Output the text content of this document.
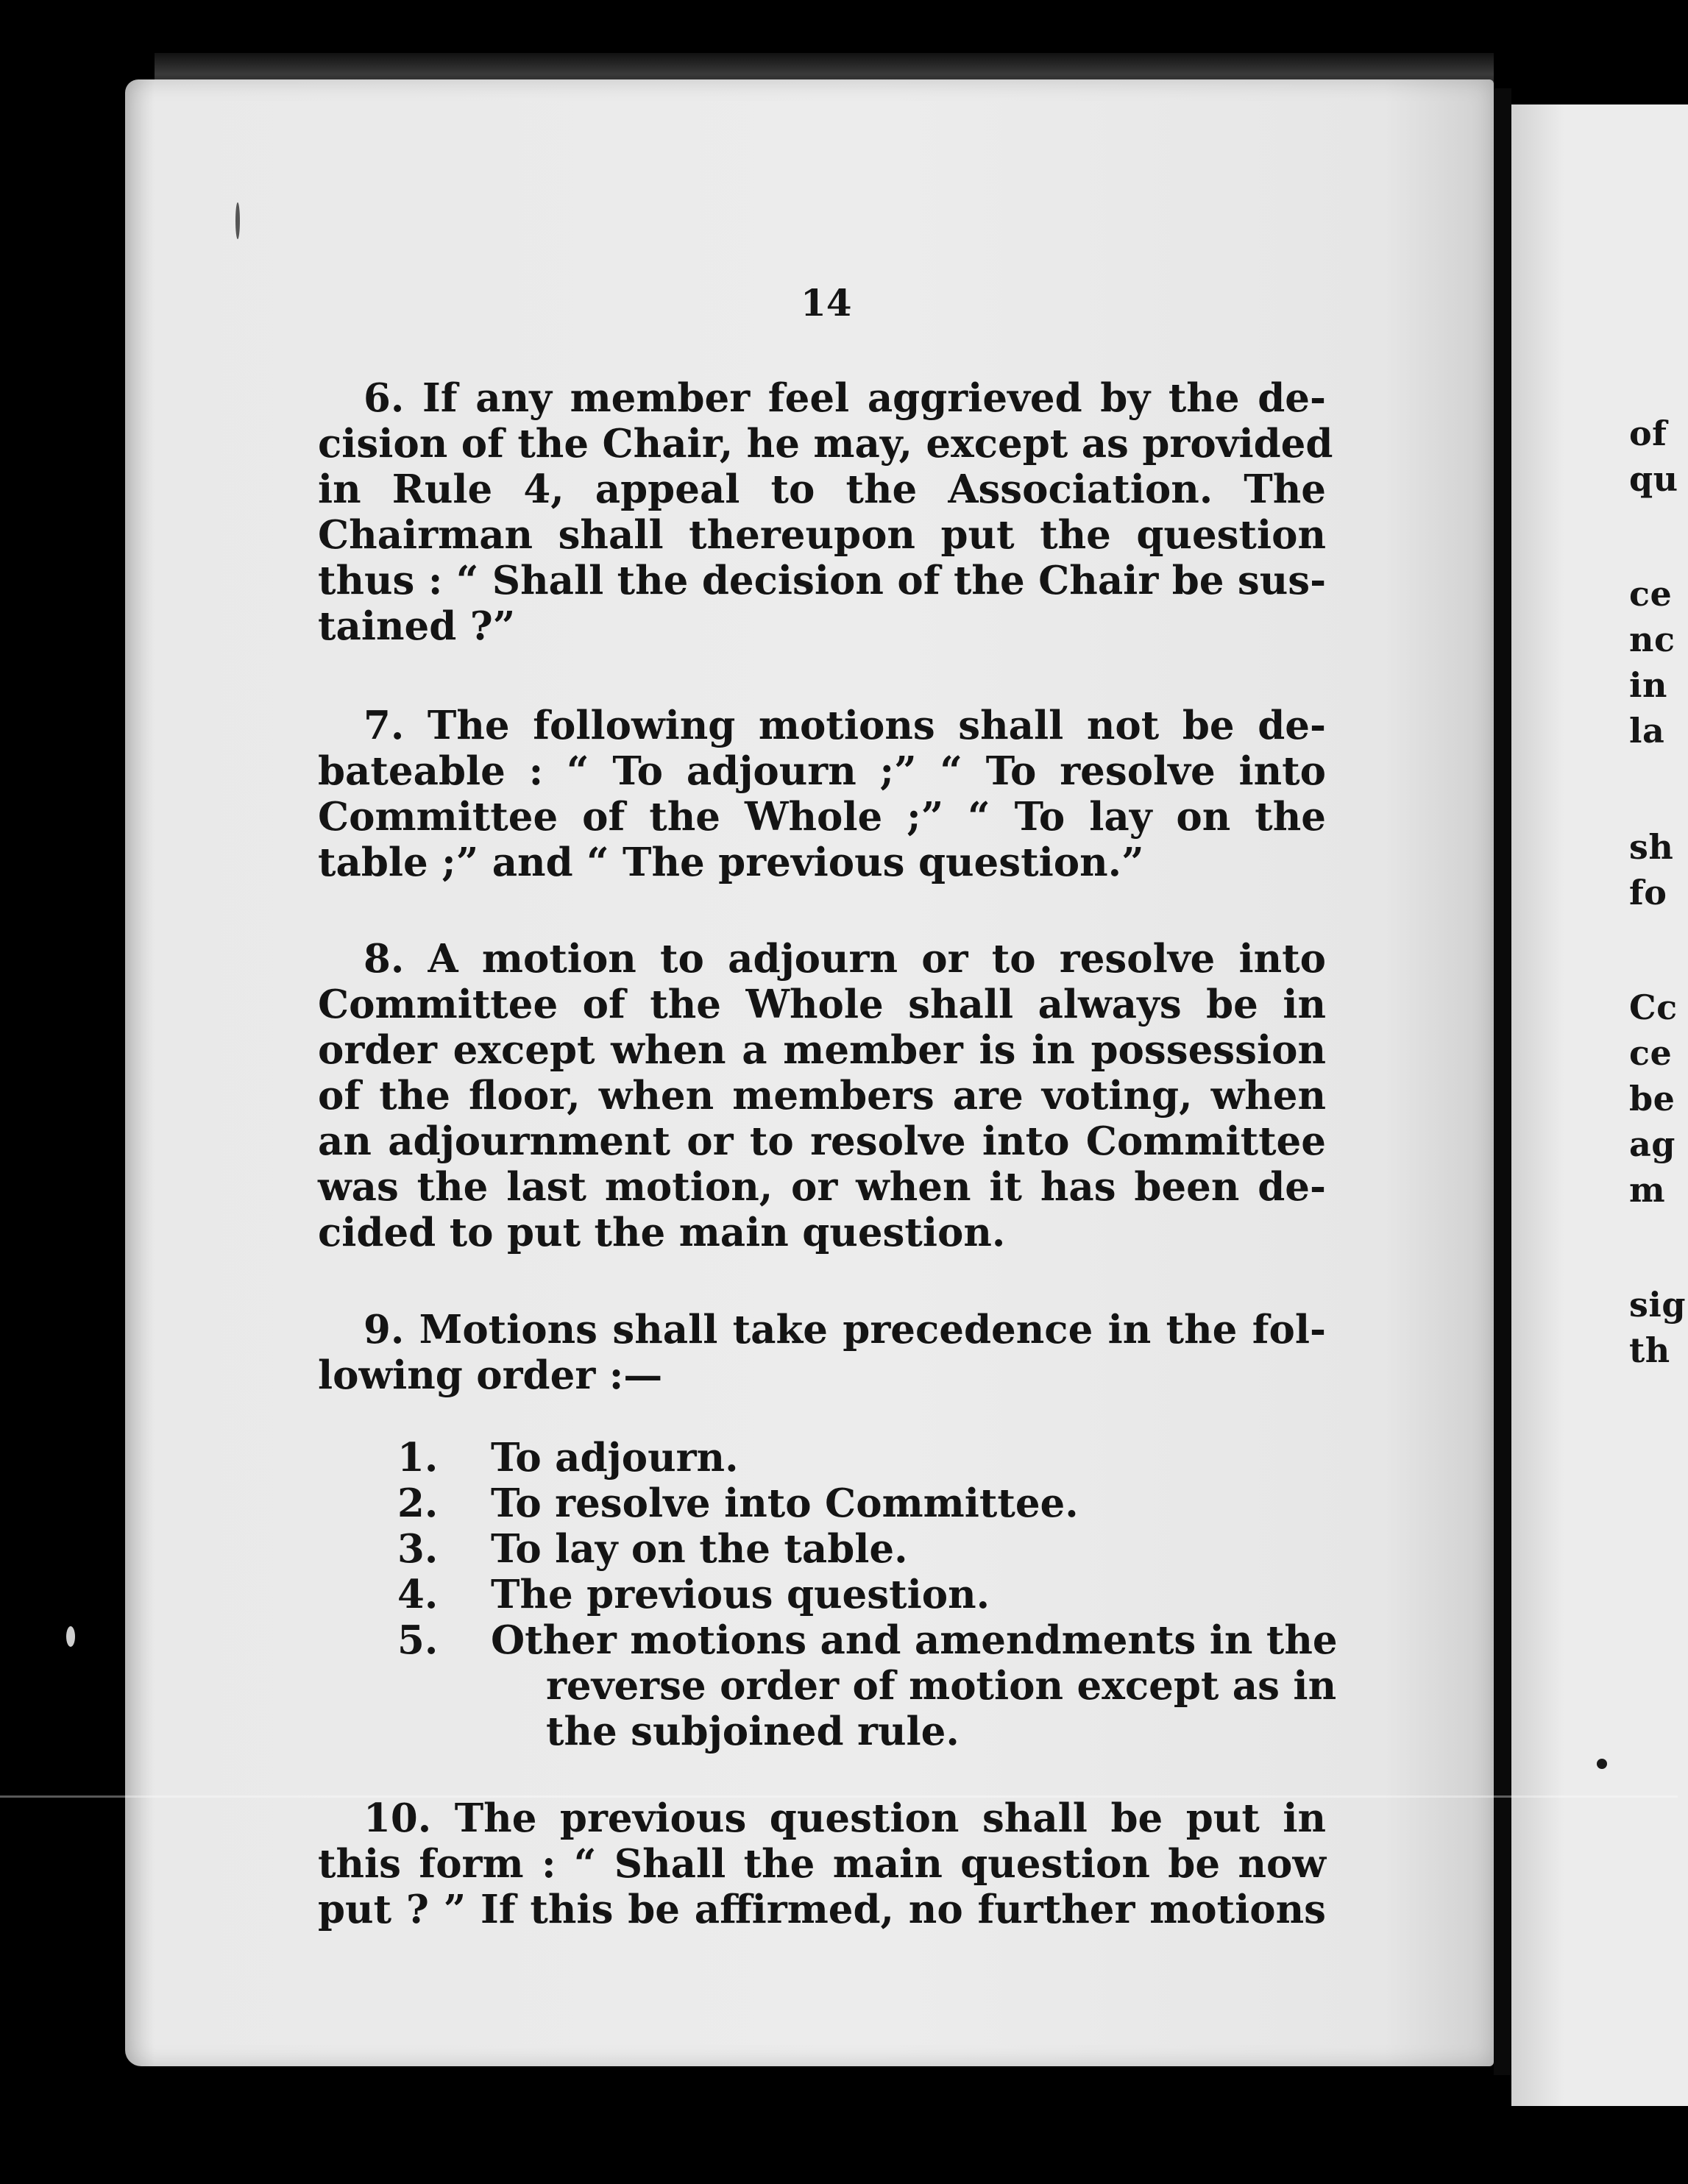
of
qu
ce
nc
in
la
sh
fo
Cc
ce
be
ag
m
sig
th
14
6. If any member feel aggrieved by the de-
cision of the Chair, he may, except as provided
in Rule 4, appeal to the Association. The
Chairman shall thereupon put the question
thus : “ Shall the decision of the Chair be sus-
tained ?”
7. The following motions shall not be de-
bateable : “ To adjourn ;” “ To resolve into
Committee of the Whole ;” “ To lay on the
table ;” and “ The previous question.”
8. A motion to adjourn or to resolve into
Committee of the Whole shall always be in
order except when a member is in possession
of the floor, when members are voting, when
an adjournment or to resolve into Committee
was the last motion, or when it has been de-
cided to put the main question.
9. Motions shall take precedence in the fol-
lowing order :—
1.	To adjourn.
2.	To resolve into Committee.
3.	To lay on the table.
4.	The previous question.
5.	Other motions and amendments in the
reverse order of motion except as in
the subjoined rule.
10. The previous question shall be put in
this form : “ Shall the main question be now
put ? ” If this be affirmed, no further motions
